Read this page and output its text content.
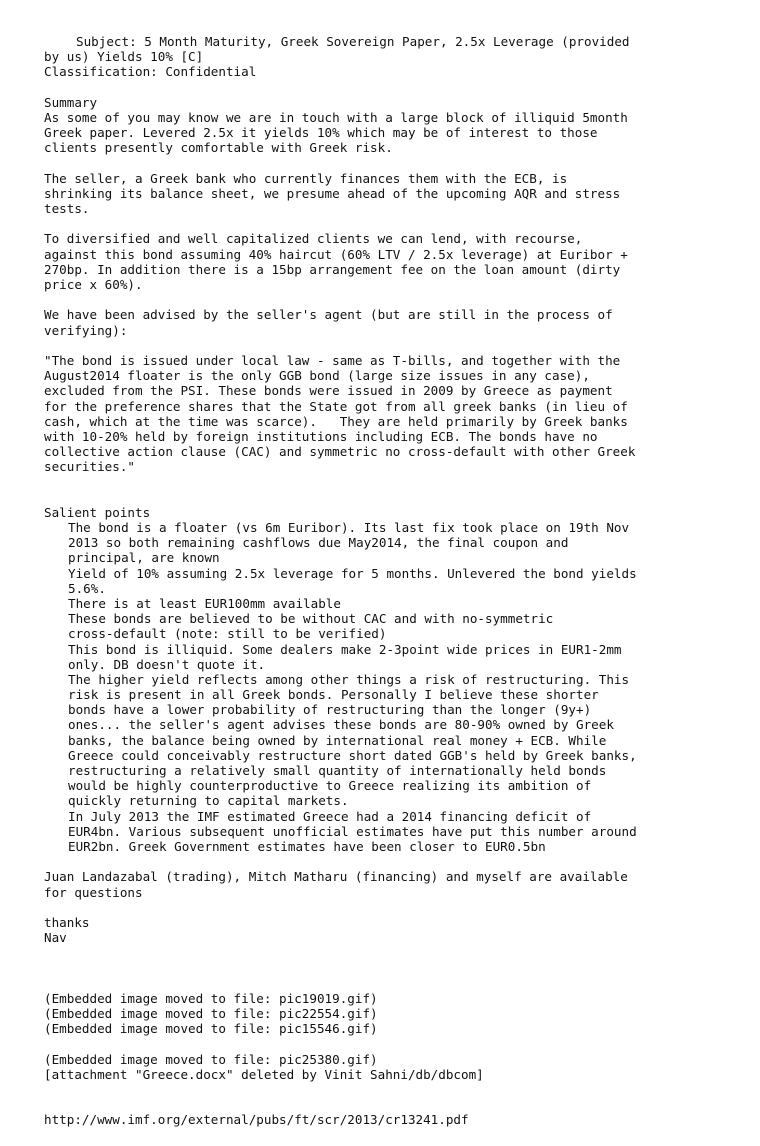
Subject: 5 Month Maturity, Greek Sovereign Paper, 2.5x Leverage (provided
by us) Yields 10% [C]
Classification: Confidential
Summary
As some of you may know we are in touch with a large block of illiquid 5month
Greek paper. Levered 2.5x it yields 10% which may be of interest to those
clients presently comfortable with Greek risk.
The seller, a Greek bank who currently finances them with the ECB, is
shrinking its balance sheet, we presume ahead of the upcoming AQR and stress
tests.
To diversified and well capitalized clients we can lend, with recourse,
against this bond assuming 40% haircut (60% LTV / 2.5x leverage) at Euribor +
270bp. In addition there is a 15bp arrangement fee on the loan amount (dirty
price x 60%).
We have been advised by the seller's agent (but are still in the process of
verifying):
"The bond is issued under local law - same as T-bills, and together with the
August2014 floater is the only GGB bond (large size issues in any case),
excluded from the PSI. These bonds were issued in 2009 by Greece as payment
for the preference shares that the State got from all greek banks (in lieu of
cash, which at the time was scarce).   They are held primarily by Greek banks
with 10-20% held by foreign institutions including ECB. The bonds have no
collective action clause (CAC) and symmetric no cross-default with other Greek
securities."
Salient points
The bond is a floater (vs 6m Euribor). Its last fix took place on 19th Nov
2013 so both remaining cashflows due May2014, the final coupon and
principal, are known
Yield of 10% assuming 2.5x leverage for 5 months. Unlevered the bond yields
5.6%.
There is at least EUR100mm available
These bonds are believed to be without CAC and with no-symmetric
cross-default (note: still to be verified)
This bond is illiquid. Some dealers make 2-3point wide prices in EUR1-2mm
only. DB doesn't quote it.
The higher yield reflects among other things a risk of restructuring. This
risk is present in all Greek bonds. Personally I believe these shorter
bonds have a lower probability of restructuring than the longer (9y+)
ones... the seller's agent advises these bonds are 80-90% owned by Greek
banks, the balance being owned by international real money + ECB. While
Greece could conceivably restructure short dated GGB's held by Greek banks,
restructuring a relatively small quantity of internationally held bonds
would be highly counterproductive to Greece realizing its ambition of
quickly returning to capital markets.
In July 2013 the IMF estimated Greece had a 2014 financing deficit of
EUR4bn. Various subsequent unofficial estimates have put this number around
EUR2bn. Greek Government estimates have been closer to EUR0.5bn
Juan Landazabal (trading), Mitch Matharu (financing) and myself are available
for questions
thanks
Nav
(Embedded image moved to file: pic19019.gif)
(Embedded image moved to file: pic22554.gif)
(Embedded image moved to file: pic15546.gif)
(Embedded image moved to file: pic25380.gif)
[attachment "Greece.docx" deleted by Vinit Sahni/db/dbcom]
http://www.imf.org/external/pubs/ft/scr/2013/cr13241.pdf
